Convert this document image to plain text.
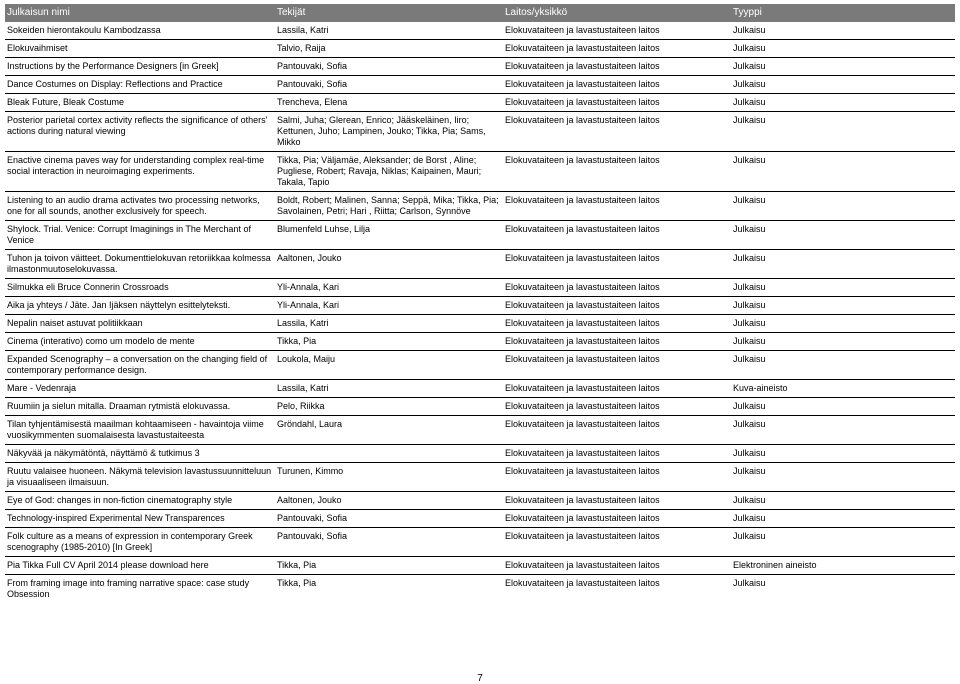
Julkaisun nimi	Tekijät	Laitos/yksikkö	Tyyppi
Sokeiden hierontakoulu Kambodzassa	Lassila, Katri	Elokuvataiteen ja lavastustaiteen laitos	Julkaisu
Elokuvaihmiset	Talvio, Raija	Elokuvataiteen ja lavastustaiteen laitos	Julkaisu
Instructions by the Performance Designers [in Greek]	Pantouvaki, Sofia	Elokuvataiteen ja lavastustaiteen laitos	Julkaisu
Dance Costumes on Display: Reflections and Practice	Pantouvaki, Sofia	Elokuvataiteen ja lavastustaiteen laitos	Julkaisu
Bleak Future, Bleak Costume	Trencheva, Elena	Elokuvataiteen ja lavastustaiteen laitos	Julkaisu
Posterior parietal cortex activity reflects the significance of others' actions during natural viewing	Salmi, Juha; Glerean, Enrico; Jääskeläinen, Iiro; Kettunen, Juho; Lampinen, Jouko; Tikka, Pia; Sams, Mikko	Elokuvataiteen ja lavastustaiteen laitos	Julkaisu
Enactive cinema paves way for understanding complex real-time social interaction in neuroimaging experiments.	Tikka, Pia; Väljamäe, Aleksander; de Borst , Aline; Pugliese, Robert; Ravaja, Niklas; Kaipainen, Mauri; Takala, Tapio	Elokuvataiteen ja lavastustaiteen laitos	Julkaisu
Listening to an audio drama activates two processing networks, one for all sounds, another exclusively for speech.	Boldt, Robert; Malinen, Sanna; Seppä, Mika; Tikka, Pia; Savolainen, Petri; Hari , Riitta; Carlson, Synnöve	Elokuvataiteen ja lavastustaiteen laitos	Julkaisu
Shylock. Trial. Venice: Corrupt Imaginings in The Merchant of Venice	Blumenfeld Luhse, Lilja	Elokuvataiteen ja lavastustaiteen laitos	Julkaisu
Tuhon ja toivon väitteet. Dokumenttielokuvan retoriikkaa kolmessa ilmastonmuutoselokuvassa.	Aaltonen, Jouko	Elokuvataiteen ja lavastustaiteen laitos	Julkaisu
Silmukka eli Bruce Connerin Crossroads	Yli-Annala, Kari	Elokuvataiteen ja lavastustaiteen laitos	Julkaisu
Aika ja yhteys / Jäte. Jan Ijäksen näyttelyn esittelyteksti.	Yli-Annala, Kari	Elokuvataiteen ja lavastustaiteen laitos	Julkaisu
Nepalin naiset astuvat politiikkaan	Lassila, Katri	Elokuvataiteen ja lavastustaiteen laitos	Julkaisu
Cinema (interativo) como um modelo de mente	Tikka, Pia	Elokuvataiteen ja lavastustaiteen laitos	Julkaisu
Expanded Scenography – a conversation on the changing field of contemporary performance design.	Loukola, Maiju	Elokuvataiteen ja lavastustaiteen laitos	Julkaisu
Mare - Vedenraja	Lassila, Katri	Elokuvataiteen ja lavastustaiteen laitos	Kuva-aineisto
Ruumiin ja sielun mitalla. Draaman rytmistä elokuvassa.	Pelo, Riikka	Elokuvataiteen ja lavastustaiteen laitos	Julkaisu
Tilan tyhjentämisestä maailman kohtaamiseen - havaintoja viime vuosikymmenten suomalaisesta lavastustaiteesta	Gröndahl, Laura	Elokuvataiteen ja lavastustaiteen laitos	Julkaisu
Näkyvää ja näkymätöntä, näyttämö & tutkimus 3		Elokuvataiteen ja lavastustaiteen laitos	Julkaisu
Ruutu valaisee huoneen. Näkymä television lavastussuunnitteluun ja visuaaliseen ilmaisuun.	Turunen, Kimmo	Elokuvataiteen ja lavastustaiteen laitos	Julkaisu
Eye of God: changes in non-fiction cinematography style	Aaltonen, Jouko	Elokuvataiteen ja lavastustaiteen laitos	Julkaisu
Technology-inspired Experimental New Transparences	Pantouvaki, Sofia	Elokuvataiteen ja lavastustaiteen laitos	Julkaisu
Folk culture as a means of expression in contemporary Greek scenography (1985-2010) [In Greek]	Pantouvaki, Sofia	Elokuvataiteen ja lavastustaiteen laitos	Julkaisu
Pia Tikka Full CV April 2014 please download here	Tikka, Pia	Elokuvataiteen ja lavastustaiteen laitos	Elektroninen aineisto
From framing image into framing narrative space: case study Obsession	Tikka, Pia	Elokuvataiteen ja lavastustaiteen laitos	Julkaisu
7
